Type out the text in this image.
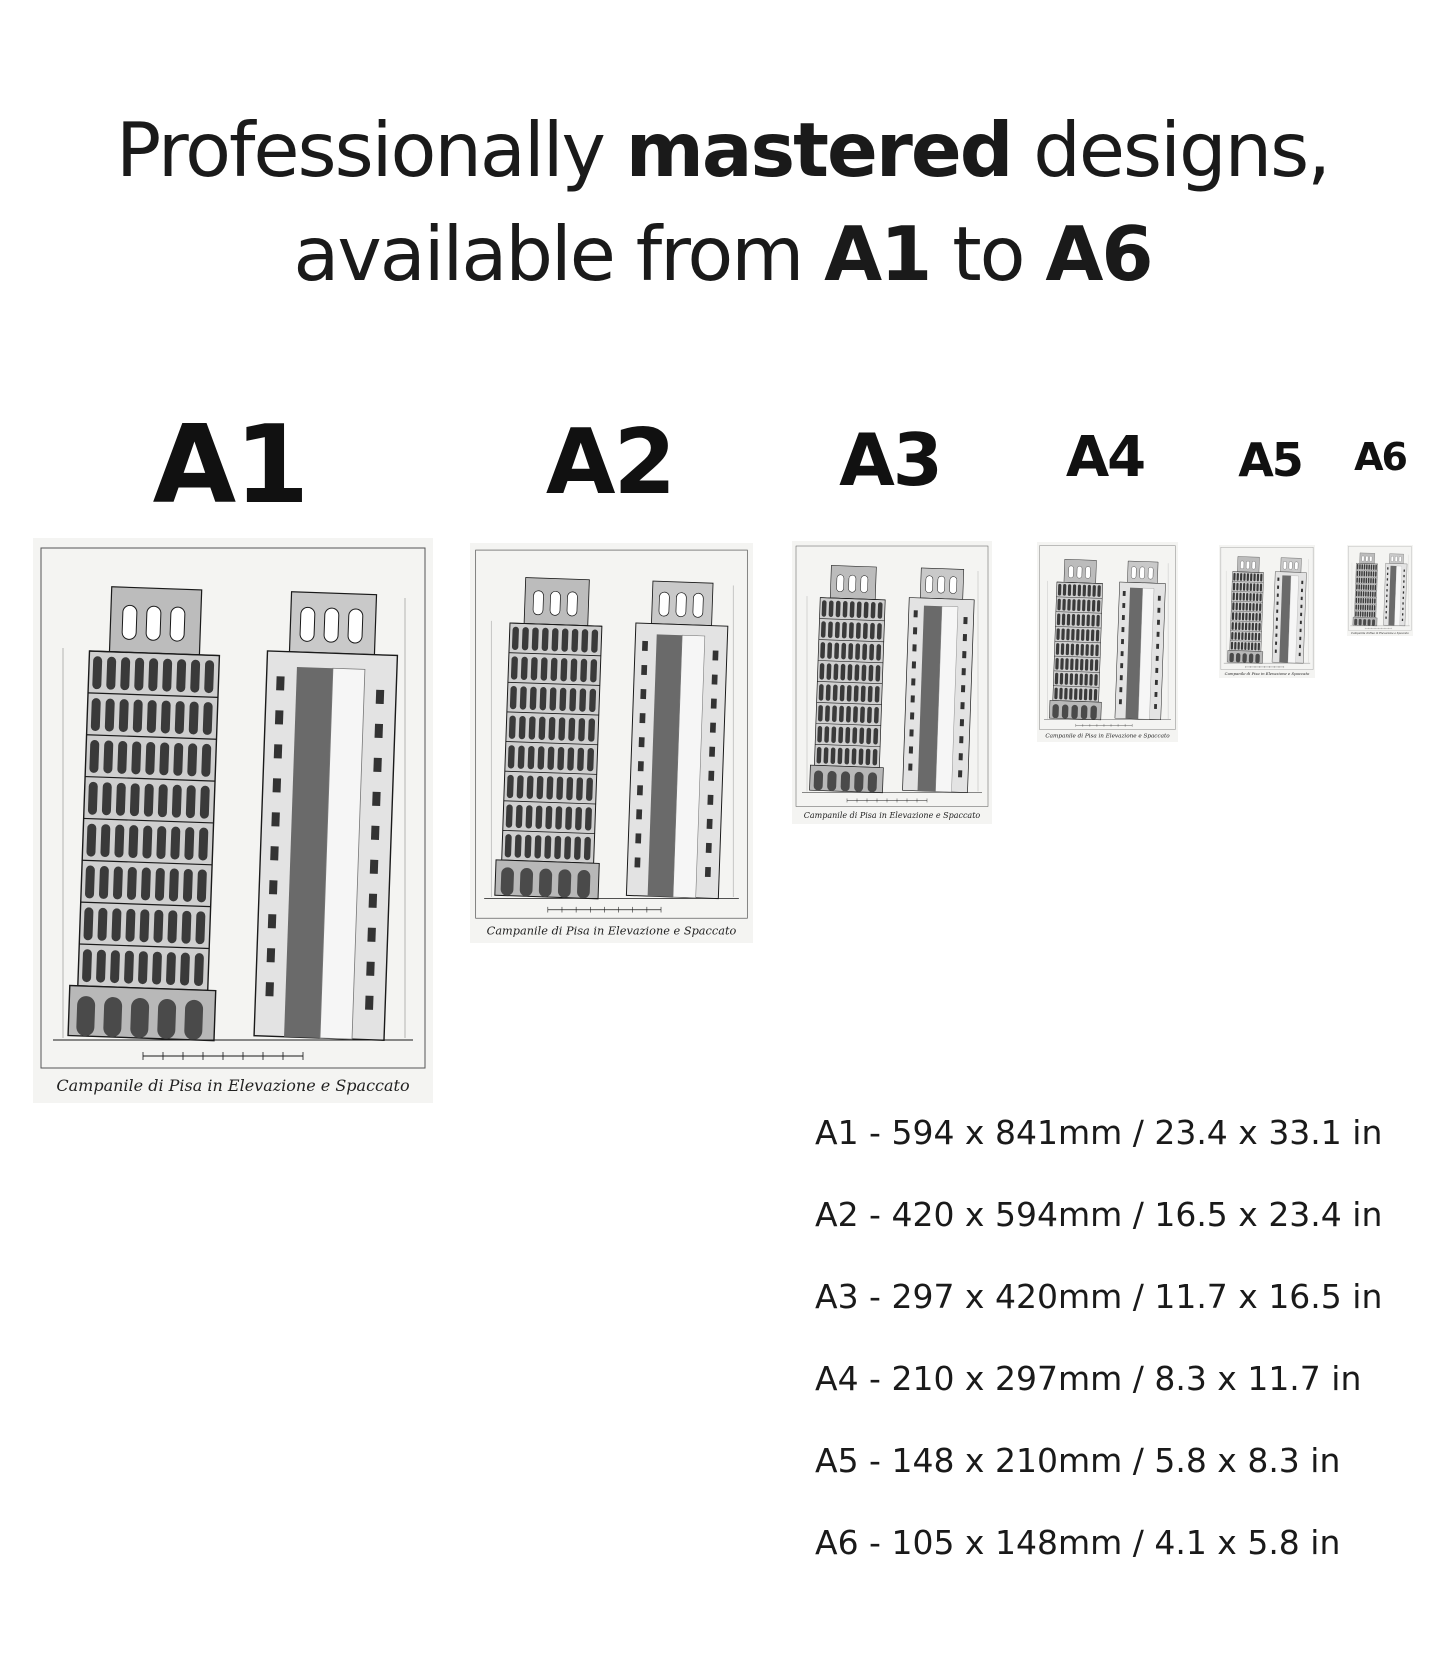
Professionally mastered designs,
available from A1 to A6
A1	A2 A3 A4 A5 A6
Campanile di Pisa in Elevazione e Spaccato
Campanile di Pisa in Elevazione e Spaccato
Campanile di Pisa in Elevazione e Spaccato
Campanile di Pisa in Elevazione e Spaccato
Campanile di Pisa in Elevazione e Spaccato
Campanile di Pisa in Elevazione e Spaccato
A1 - 594 x 841mm / 23.4 x 33.1 in
A2 - 420 x 594mm / 16.5 x 23.4 in
A3 - 297 x 420mm / 11.7 x 16.5 in
A4 - 210 x 297mm / 8.3 x 11.7 in
A5 - 148 x 210mm / 5.8 x 8.3 in
A6 - 105 x 148mm / 4.1 x 5.8 in
